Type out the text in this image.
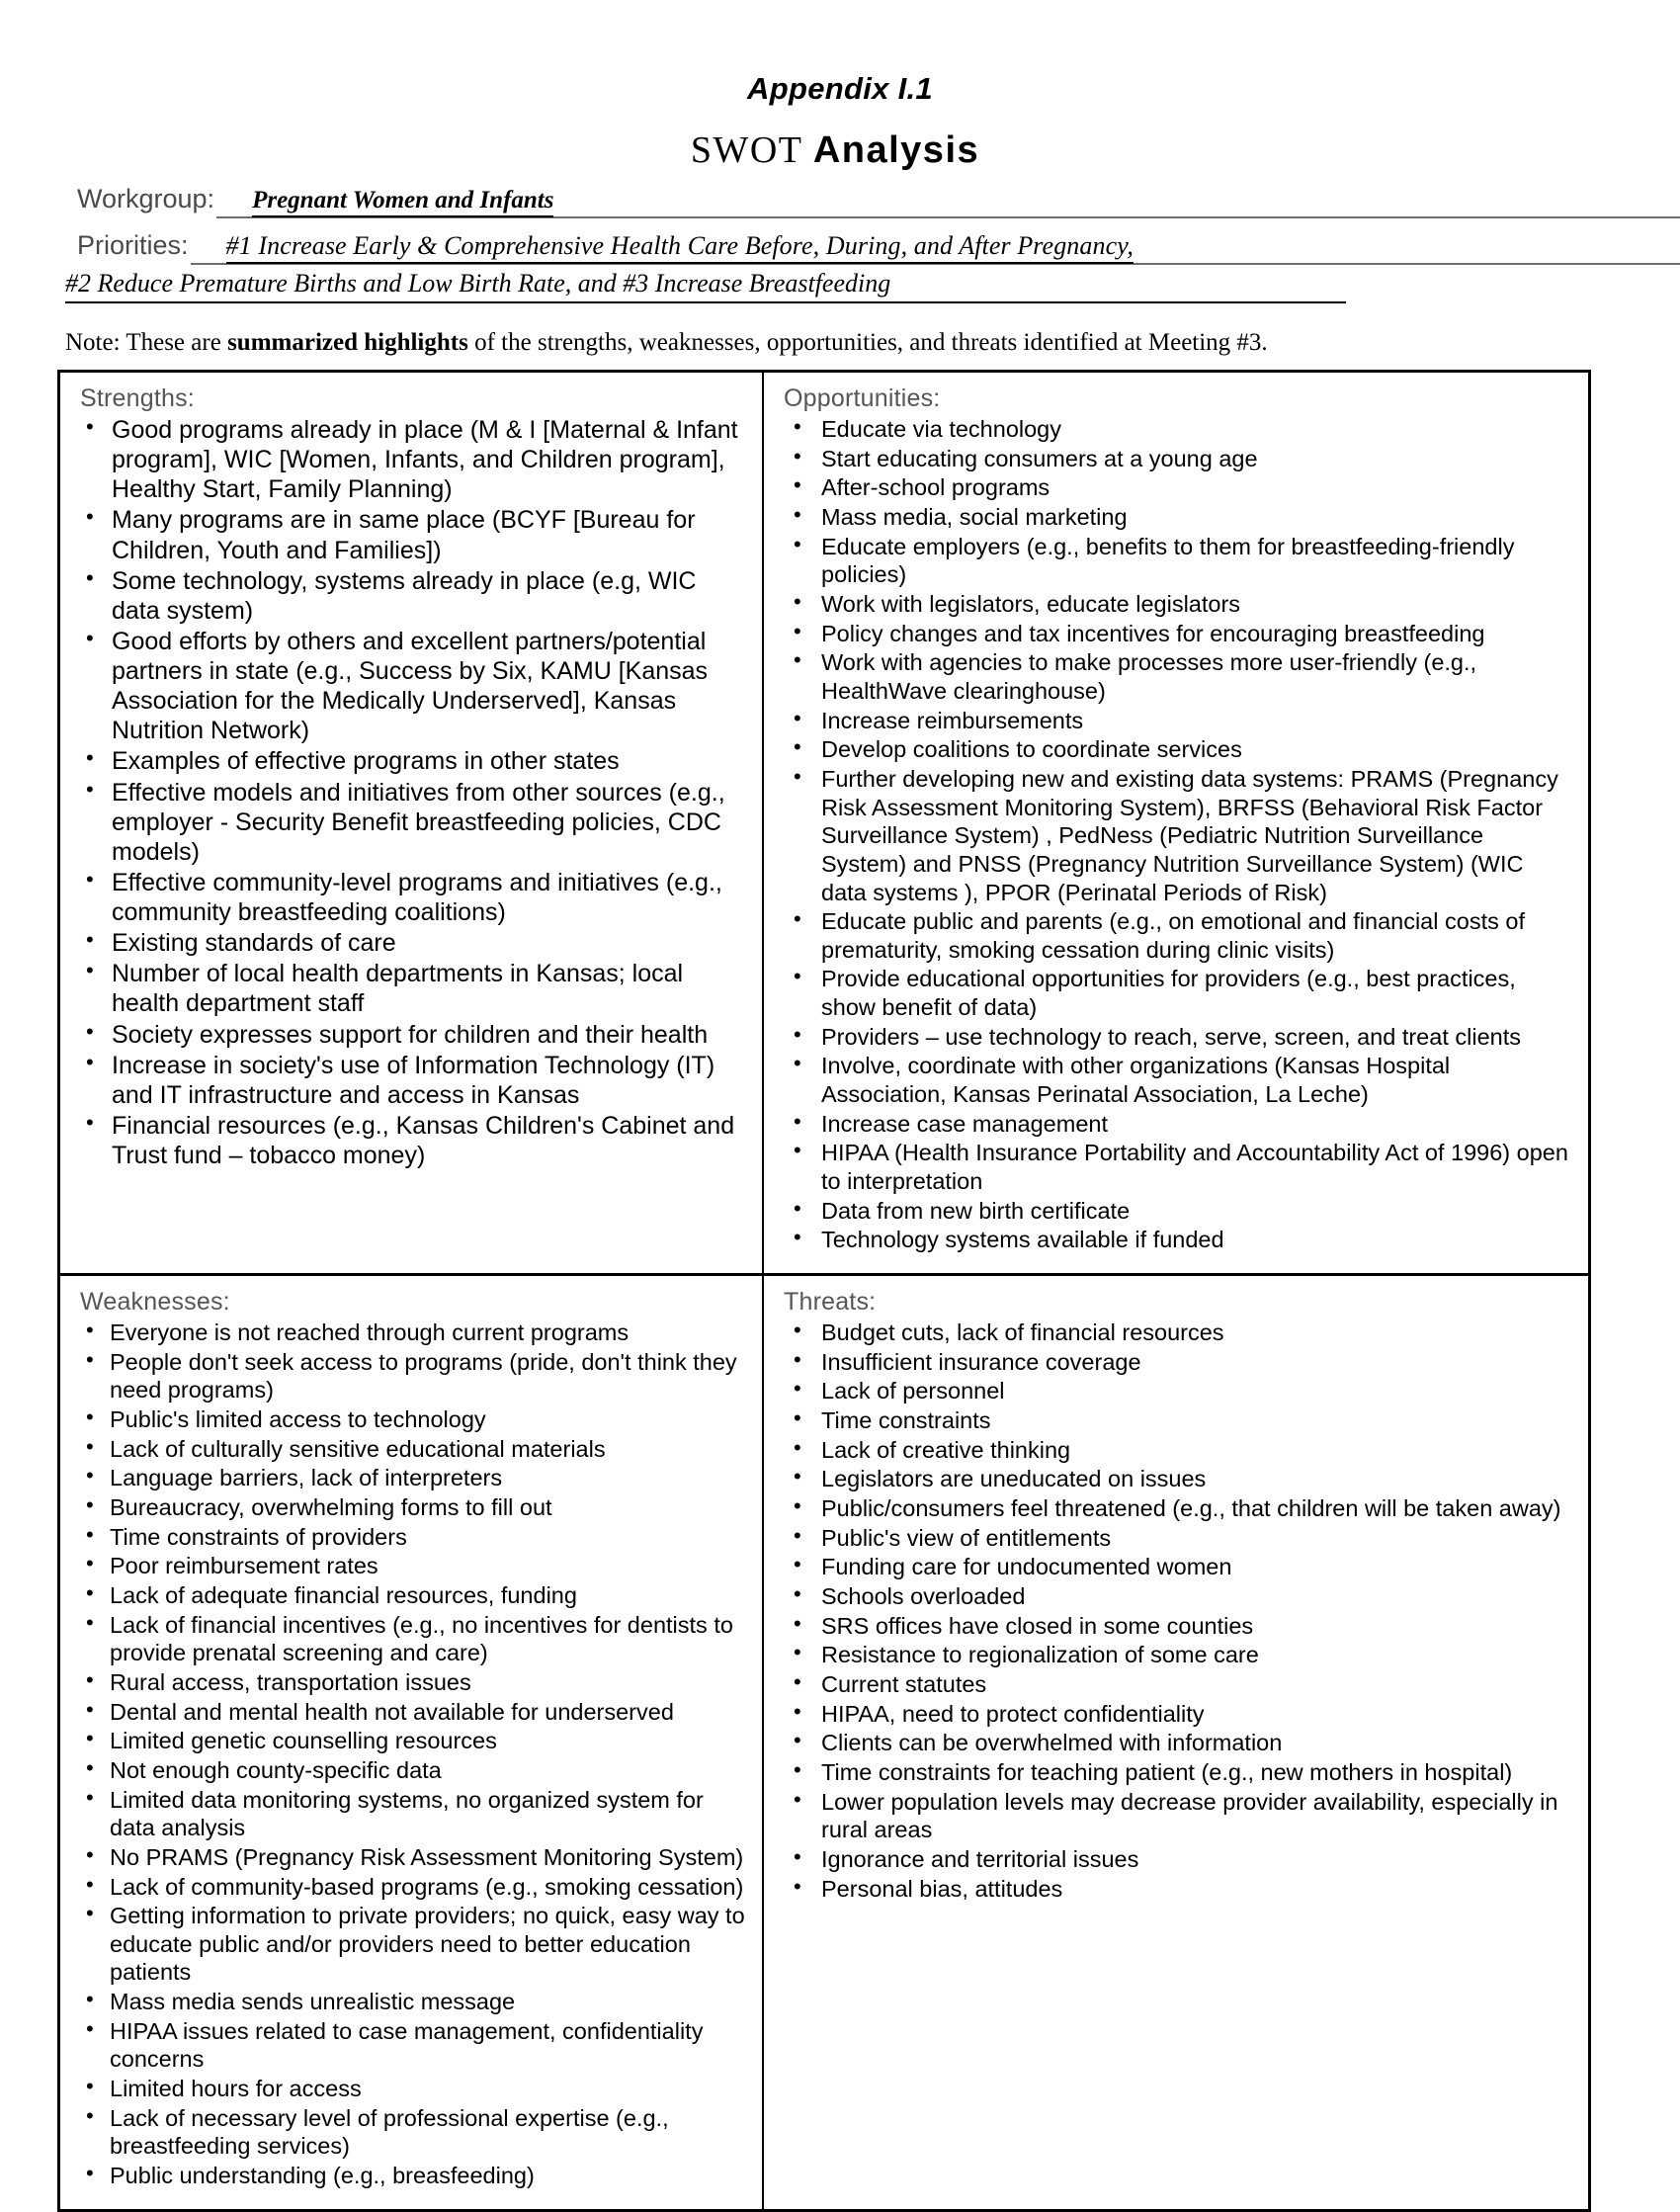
Appendix I.1
SWOT Analysis
Workgroup:	Pregnant Women and Infants
Priorities:	#1 Increase Early & Comprehensive Health Care Before, During, and After Pregnancy,
#2 Reduce Premature Births and Low Birth Rate, and #3 Increase Breastfeeding
Note: These are summarized highlights of the strengths, weaknesses, opportunities, and threats identified at Meeting #3.
Strengths:
• Good programs already in place (M & I [Maternal & Infant program], WIC [Women, Infants, and Children program], Healthy Start, Family Planning)
• Many programs are in same place (BCYF [Bureau for Children, Youth and Families])
• Some technology, systems already in place (e.g, WIC data system)
• Good efforts by others and excellent partners/potential partners in state (e.g., Success by Six, KAMU [Kansas Association for the Medically Underserved], Kansas Nutrition Network)
• Examples of effective programs in other states
• Effective models and initiatives from other sources (e.g., employer - Security Benefit breastfeeding policies, CDC models)
• Effective community-level programs and initiatives (e.g., community breastfeeding coalitions)
• Existing standards of care
• Number of local health departments in Kansas; local health department staff
• Society expresses support for children and their health
• Increase in society's use of Information Technology (IT) and IT infrastructure and access in Kansas
• Financial resources (e.g., Kansas Children's Cabinet and Trust fund – tobacco money)
Opportunities:
• Educate via technology
• Start educating consumers at a young age
• After-school programs
• Mass media, social marketing
• Educate employers (e.g., benefits to them for breastfeeding-friendly policies)
• Work with legislators, educate legislators
• Policy changes and tax incentives for encouraging breastfeeding
• Work with agencies to make processes more user-friendly (e.g., HealthWave clearinghouse)
• Increase reimbursements
• Develop coalitions to coordinate services
• Further developing new and existing data systems: PRAMS (Pregnancy Risk Assessment Monitoring System), BRFSS (Behavioral Risk Factor Surveillance System) , PedNess (Pediatric Nutrition Surveillance System) and PNSS (Pregnancy Nutrition Surveillance System) (WIC data systems ), PPOR (Perinatal Periods of Risk)
• Educate public and parents (e.g., on emotional and financial costs of prematurity, smoking cessation during clinic visits)
• Provide educational opportunities for providers (e.g., best practices, show benefit of data)
• Providers – use technology to reach, serve, screen, and treat clients
• Involve, coordinate with other organizations (Kansas Hospital Association, Kansas Perinatal Association, La Leche)
• Increase case management
• HIPAA (Health Insurance Portability and Accountability Act of 1996) open to interpretation
• Data from new birth certificate
• Technology systems available if funded
Weaknesses:
• Everyone is not reached through current programs
• People don't seek access to programs (pride, don't think they need programs)
• Public's limited access to technology
• Lack of culturally sensitive educational materials
• Language barriers, lack of interpreters
• Bureaucracy, overwhelming forms to fill out
• Time constraints of providers
• Poor reimbursement rates
• Lack of adequate financial resources, funding
• Lack of financial incentives (e.g., no incentives for dentists to provide prenatal screening and care)
• Rural access, transportation issues
• Dental and mental health not available for underserved
• Limited genetic counselling resources
• Not enough county-specific data
• Limited data monitoring systems, no organized system for data analysis
• No PRAMS (Pregnancy Risk Assessment Monitoring System)
• Lack of community-based programs (e.g., smoking cessation)
• Getting information to private providers; no quick, easy way to educate public and/or providers need to better education patients
• Mass media sends unrealistic message
• HIPAA issues related to case management, confidentiality concerns
• Limited hours for access
• Lack of necessary level of professional expertise (e.g., breastfeeding services)
• Public understanding (e.g., breasfeeding)
Threats:
• Budget cuts, lack of financial resources
• Insufficient insurance coverage
• Lack of personnel
• Time constraints
• Lack of creative thinking
• Legislators are uneducated on issues
• Public/consumers feel threatened (e.g., that children will be taken away)
• Public's view of entitlements
• Funding care for undocumented women
• Schools overloaded
• SRS offices have closed in some counties
• Resistance to regionalization of some care
• Current statutes
• HIPAA, need to protect confidentiality
• Clients can be overwhelmed with information
• Time constraints for teaching patient (e.g., new mothers in hospital)
• Lower population levels may decrease provider availability, especially in rural areas
• Ignorance and territorial issues
• Personal bias, attitudes
